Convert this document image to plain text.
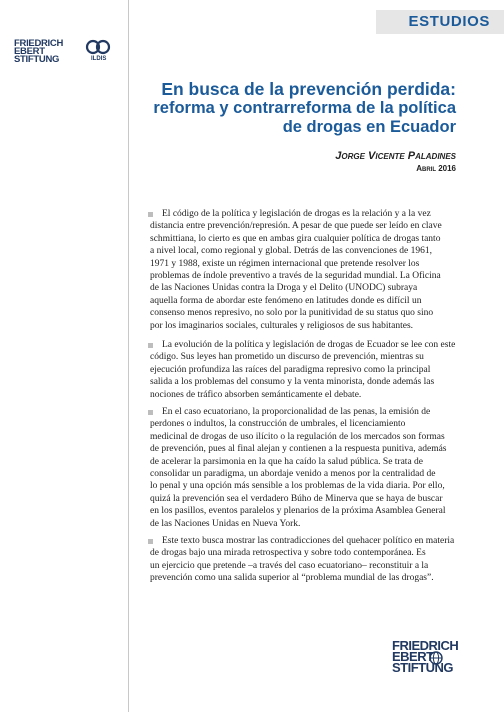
ESTUDIOS
FRIEDRICH
EBERT
STIFTUNG	ILDIS
En busca de la prevención perdida:
reforma y contrarreforma de la política
de drogas en Ecuador
Jorge Vicente Paladines
Abril 2016
El código de la política y legislación de drogas es la relación y a la vez
distancia entre prevención/represión. A pesar de que puede ser leído en clave
schmittiana, lo cierto es que en ambas gira cualquier política de drogas tanto
a nivel local, como regional y global. Detrás de las convenciones de 1961,
1971 y 1988, existe un régimen internacional que pretende resolver los
problemas de índole preventivo a través de la seguridad mundial. La Oficina
de las Naciones Unidas contra la Droga y el Delito (UNODC) subraya
aquella forma de abordar este fenómeno en latitudes donde es difícil un
consenso menos represivo, no solo por la punitividad de su status quo sino
por los imaginarios sociales, culturales y religiosos de sus habitantes.
La evolución de la política y legislación de drogas de Ecuador se lee con este
código. Sus leyes han prometido un discurso de prevención, mientras su
ejecución profundiza las raíces del paradigma represivo como la principal
salida a los problemas del consumo y la venta minorista, donde además las
nociones de tráfico absorben semánticamente el debate.
En el caso ecuatoriano, la proporcionalidad de las penas, la emisión de
perdones o indultos, la construcción de umbrales, el licenciamiento
medicinal de drogas de uso ilícito o la regulación de los mercados son formas
de prevención, pues al final alejan y contienen a la respuesta punitiva, además
de acelerar la parsimonia en la que ha caído la salud pública. Se trata de
consolidar un paradigma, un abordaje venido a menos por la centralidad de
lo penal y una opción más sensible a los problemas de la vida diaria. Por ello,
quizá la prevención sea el verdadero Búho de Minerva que se haya de buscar
en los pasillos, eventos paralelos y plenarios de la próxima Asamblea General
de las Naciones Unidas en Nueva York.
Este texto busca mostrar las contradicciones del quehacer político en materia
de drogas bajo una mirada retrospectiva y sobre todo contemporánea. Es
un ejercicio que pretende –a través del caso ecuatoriano– reconstituir a la
prevención como una salida superior al “problema mundial de las drogas”.
FRIEDRICH
EBERT
STIFTUNG
